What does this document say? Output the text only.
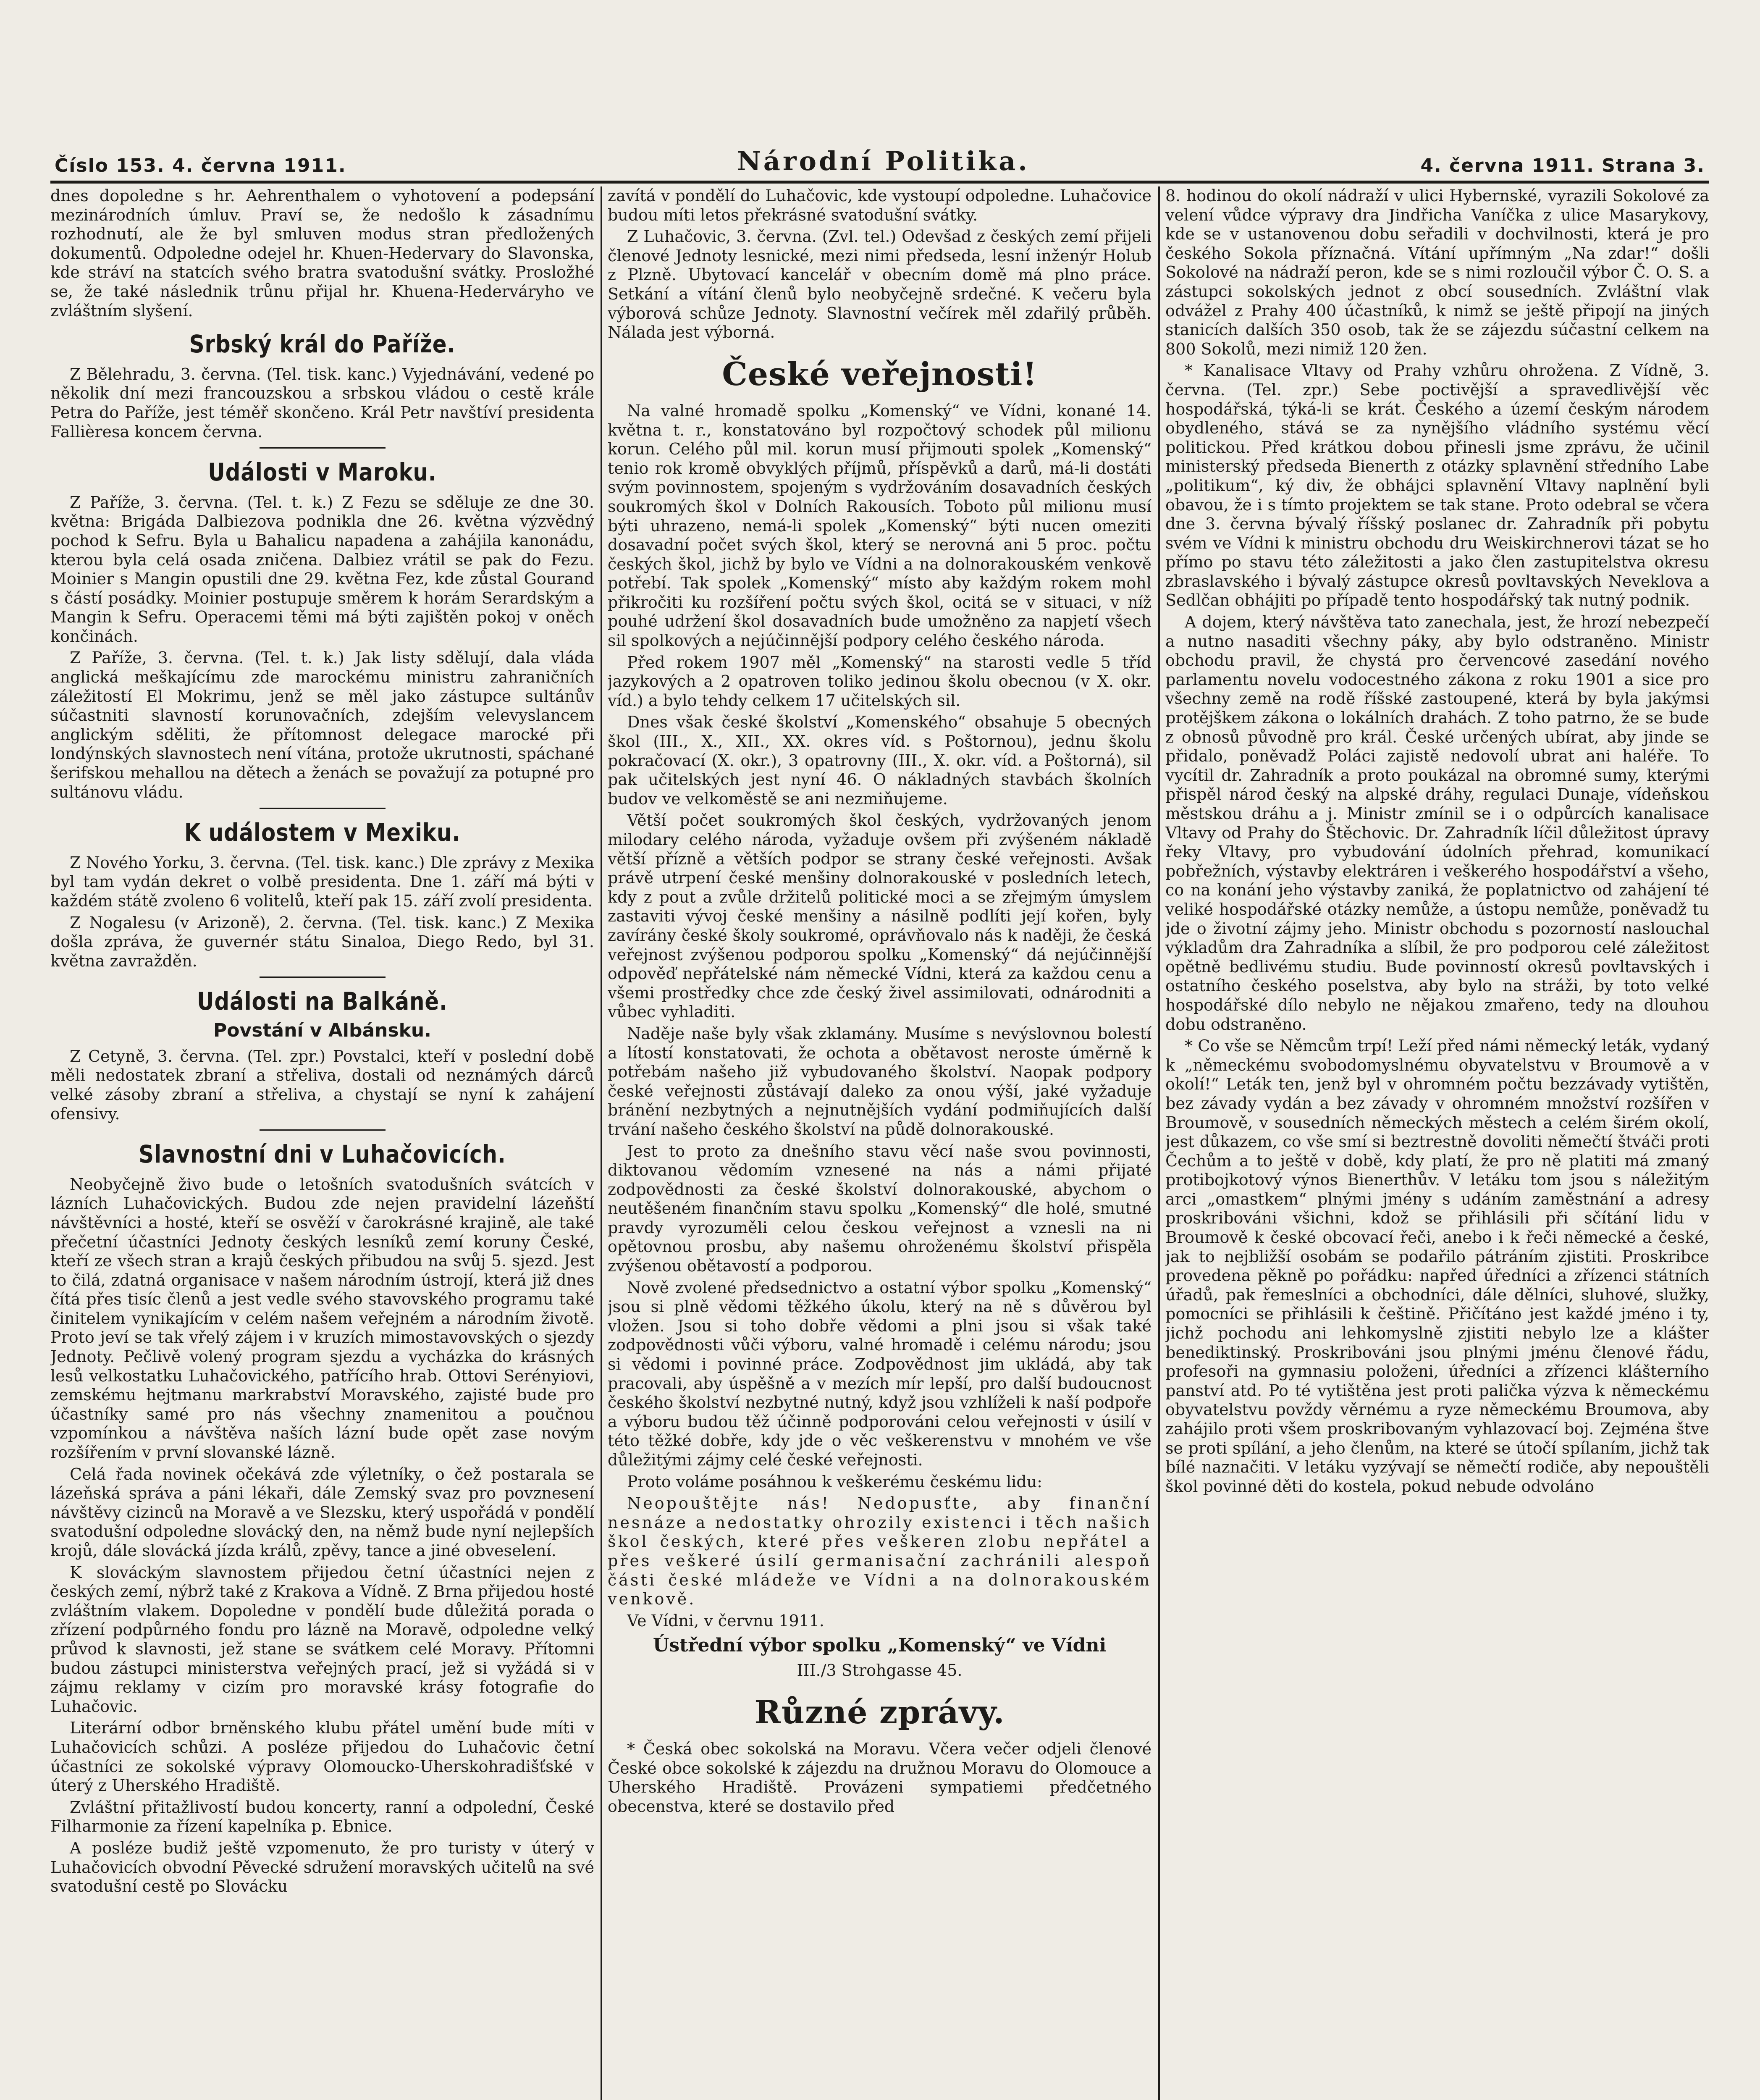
Číslo 153. 4. června 1911.	Národní Politika.	4. června 1911. Strana 3.

dnes dopoledne s hr. Aehrenthalem o vyhotovení a podepsání mezinárodních úmluv. Praví se, že nedošlo k zásadnímu rozhodnutí, ale že byl smluven modus stran předložených dokumentů. Odpoledne odejel hr. Khuen-Hedervary do Slavonska, kde stráví na statcích svého bratra svatodušní svátky. Prosložhé se, že také následnik trůnu přijal hr. Khuena-Hederváryho ve zvláštním slyšení.

Srbský král do Paříže.

Z Bělehradu, 3. června. (Tel. tisk. kanc.) Vyjednávání, vedené po několik dní mezi francouzskou a srbskou vládou o cestě krále Petra do Paříže, jest téměř skončeno. Král Petr navštíví presidenta Fallièresa koncem června.

Události v Maroku.

Z Paříže, 3. června. (Tel. t. k.) Z Fezu se sděluje ze dne 30. května: Brigáda Dalbiezova podnikla dne 26. května výzvědný pochod k Sefru. Byla u Bahalicu napadena a zahájila kanonádu, kterou byla celá osada zničena. Dalbiez vrátil se pak do Fezu. Moinier s Mangin opustili dne 29. května Fez, kde zůstal Gourand s částí posádky. Moinier postupuje směrem k horám Serardským a Mangin k Sefru. Operacemi těmi má býti zajištěn pokoj v oněch končinách.

Z Paříže, 3. června. (Tel. t. k.) Jak listy sdělují, dala vláda anglická meškajícímu zde marockému ministru zahraničních záležitostí El Mokrimu, jenž se měl jako zástupce sultánův súčastniti slavností korunovačních, zdejším velevyslancem anglickým sděliti, že přítomnost delegace marocké při londýnských slavnostech není vítána, protože ukrutnosti, spáchané šerifskou mehallou na dětech a ženách se považují za potupné pro sultánovu vládu.

K událostem v Mexiku.

Z Nového Yorku, 3. června. (Tel. tisk. kanc.) Dle zprávy z Mexika byl tam vydán dekret o volbě presidenta. Dne 1. září má býti v každém státě zvoleno 6 volitelů, kteří pak 15. září zvolí presidenta.

Z Nogalesu (v Arizoně), 2. června. (Tel. tisk. kanc.) Z Mexika došla zpráva, že guvernér státu Sinaloa, Diego Redo, byl 31. května zavražděn.

Události na Balkáně.
Povstání v Albánsku.

Z Cetyně, 3. června. (Tel. zpr.) Povstalci, kteří v poslední době měli nedostatek zbraní a střeliva, dostali od neznámých dárců velké zásoby zbraní a střeliva, a chystají se nyní k zahájení ofensivy.

Slavnostní dni v Luhačovicích.

Neobyčejně živo bude o letošních svatodušních svátcích v lázních Luhačovických. Budou zde nejen pravidelní lázeňští návštěvníci a hosté, kteří se osvěží v čarokrásné krajině, ale také přečetní účastníci Jednoty českých lesníků zemí koruny České, kteří ze všech stran a krajů českých přibudou na svůj 5. sjezd. Jest to čilá, zdatná organisace v našem národním ústrojí, která již dnes čítá přes tisíc členů a jest vedle svého stavovského programu také činitelem vynikajícím v celém našem veřejném a národním životě. Proto jeví se tak vřelý zájem i v kruzích mimostavovských o sjezdy Jednoty. Pečlivě volený program sjezdu a vycházka do krásných lesů velkostatku Luhačovického, patřícího hrab. Ottovi Serényiovi, zemskému hejtmanu markrabství Moravského, zajisté bude pro účastníky samé pro nás všechny znamenitou a poučnou vzpomínkou a návštěva naších lázní bude opět zase novým rozšířením v první slovanské lázně.

Celá řada novinek očekává zde výletníky, o čež postarala se lázeňská správa a páni lékaři, dále Zemský svaz pro povznesení návštěvy cizinců na Moravě a ve Slezsku, který uspořádá v pondělí svatodušní odpoledne slovácký den, na němž bude nyní nejlepších krojů, dále slovácká jízda králů, zpěvy, tance a jiné obveselení.

K slováckým slavnostem přijedou četní účastníci nejen z českých zemí, nýbrž také z Krakova a Vídně. Z Brna přijedou hosté zvláštním vlakem. Dopoledne v pondělí bude důležitá porada o zřízení podpůrného fondu pro lázně na Moravě, odpoledne velký průvod k slavnosti, jež stane se svátkem celé Moravy. Přítomni budou zástupci ministerstva veřejných prací, jež si vyžádá si v zájmu reklamy v cizím pro moravské krásy fotografie do Luhačovic.

Literární odbor brněnského klubu přátel umění bude míti v Luhačovicích schůzi. A posléze přijedou do Luhačovic četní účastníci ze sokolské výpravy Olomoucko-Uherskohradišťské v úterý z Uherského Hradiště.

Zvláštní přitažlivostí budou koncerty, ranní a odpolední, České Filharmonie za řízení kapelníka p. Ebnice.

A posléze budiž ještě vzpomenuto, že pro turisty v úterý v Luhačovicích obvodní Pěvecké sdružení moravských učitelů na své svatodušní cestě po Slovácku

zavítá v pondělí do Luhačovic, kde vystoupí odpoledne. Luhačovice budou míti letos překrásné svatodušní svátky.

Z Luhačovic, 3. června. (Zvl. tel.) Odevšad z českých zemí přijeli členové Jednoty lesnické, mezi nimi předseda, lesní inženýr Holub z Plzně. Ubytovací kancelář v obecním domě má plno práce. Setkání a vítání členů bylo neobyčejně srdečné. K večeru byla výborová schůze Jednoty. Slavnostní večírek měl zdařilý průběh. Nálada jest výborná.

České veřejnosti!

Na valné hromadě spolku „Komenský“ ve Vídni, konané 14. května t. r., konstatováno byl rozpočtový schodek půl milionu korun. Celého půl mil. korun musí přijmouti spolek „Komenský“ tenio rok kromě obvyklých příjmů, příspěvků a darů, má-li dostáti svým povinnostem, spojeným s vydržováním dosavadních českých soukromých škol v Dolních Rakousích. Toboto půl milionu musí býti uhrazeno, nemá-li spolek „Komenský“ býti nucen omeziti dosavadní počet svých škol, který se nerovná ani 5 proc. počtu českých škol, jichž by bylo ve Vídni a na dolnorakouském venkově potřebí. Tak spolek „Komenský“ místo aby každým rokem mohl přikročiti ku rozšíření počtu svých škol, ocitá se v situaci, v níž pouhé udržení škol dosavadních bude umožněno za napjetí všech sil spolkových a nejúčinnější podpory celého českého národa.

Před rokem 1907 měl „Komenský“ na starosti vedle 5 tříd jazykových a 2 opatroven toliko jedinou školu obecnou (v X. okr. víd.) a bylo tehdy celkem 17 učitelských sil.

Dnes však české školství „Komenského“ obsahuje 5 obecných škol (III., X., XII., XX. okres víd. s Poštornou), jednu školu pokračovací (X. okr.), 3 opatrovny (III., X. okr. víd. a Poštorná), sil pak učitelských jest nyní 46. O nákladných stavbách školních budov ve velkoměstě se ani nezmiňujeme.

Větší počet soukromých škol českých, vydržovaných jenom milodary celého národa, vyžaduje ovšem při zvýšeném nákladě větší přízně a větších podpor se strany české veřejnosti. Avšak právě utrpení české menšiny dolnorakouské v posledních letech, kdy z pout a zvůle držitelů politické moci a se zřejmým úmyslem zastaviti vývoj české menšiny a násilně podlíti její kořen, byly zavírány české školy soukromé, oprávňovalo nás k naději, že česká veřejnost zvýšenou podporou spolku „Komenský“ dá nejúčinnější odpověď nepřátelské nám německé Vídni, která za každou cenu a všemi prostředky chce zde český živel assimilovati, odnárodniti a vůbec vyhladiti.

Naděje naše byly však zklamány. Musíme s nevýslovnou bolestí a lítostí konstatovati, že ochota a obětavost neroste úměrně k potřebám našeho již vybudovaného školství. Naopak podpory české veřejnosti zůstávají daleko za onou výší, jaké vyžaduje bránění nezbytných a nejnutnějších vydání podmiňujících další trvání našeho českého školství na půdě dolnorakouské.

Jest to proto za dnešního stavu věcí naše svou povinnosti, diktovanou vědomím vznesené na nás a námi přijaté zodpovědnosti za české školství dolnorakouské, abychom o neutěšeném finančním stavu spolku „Komenský“ dle holé, smutné pravdy vyrozuměli celou českou veřejnost a vznesli na ni opětovnou prosbu, aby našemu ohroženému školství přispěla zvýšenou obětavostí a podporou.

Nově zvolené předsednictvo a ostatní výbor spolku „Komenský“ jsou si plně vědomi těžkého úkolu, který na ně s důvěrou byl vložen. Jsou si toho dobře vědomi a plni jsou si však také zodpovědnosti vůči výboru, valné hromadě i celému národu; jsou si vědomi i povinné práce. Zodpovědnost jim ukládá, aby tak pracovali, aby úspěšně a v mezích mír lepší, pro další budoucnost českého školství nezbytné nutný, když jsou vzhlíželi k naší podpoře a výboru budou těž účinně podporováni celou veřejnosti v úsilí v této těžké dobře, kdy jde o věc veškerenstvu v mnohém ve vše důležitými zájmy celé české veřejnosti.

Proto voláme posáhnou k veškerému českému lidu:

Neopouštějte nás! Nedopusťte, aby finanční nesnáze a nedostatky ohrozily existenci i těch našich škol českých, které přes veškeren zlobu nepřátel a přes veškeré úsilí germanisační zachránili alespoň části české mládeže ve Vídni a na dolnorakouském venkově.

Ve Vídni, v červnu 1911.

Ústřední výbor spolku „Komenský“ ve Vídni
III./3 Strohgasse 45.
Různé zprávy.

* Česká obec sokolská na Moravu. Včera večer odjeli členové České obce sokolské k zájezdu na družnou Moravu do Olomouce a Uherského Hradiště. Provázeni sympatiemi předčetného obecenstva, které se dostavilo před

8. hodinou do okolí nádraží v ulici Hybernské, vyrazili Sokolové za velení vůdce výpravy dra Jindřicha Vaníčka z ulice Masarykovy, kde se v ustanovenou dobu seřadili v dochvilnosti, která je pro českého Sokola příznačná. Vítání upřímným „Na zdar!“ došli Sokolové na nádraží peron, kde se s nimi rozloučil výbor Č. O. S. a zástupci sokolských jednot z obcí sousedních. Zvláštní vlak odvážel z Prahy 400 účastníků, k nimž se ještě připojí na jiných stanicích dalších 350 osob, tak že se zájezdu súčastní celkem na 800 Sokolů, mezi nimiž 120 žen.

* Kanalisace Vltavy od Prahy vzhůru ohrožena. Z Vídně, 3. června. (Tel. zpr.) Sebe poctivější a spravedlivější věc hospodářská, týká-li se krát. Českého a území českým národem obydleného, stává se za nynějšího vládního systému věcí politickou. Před krátkou dobou přinesli jsme zprávu, že učinil ministerský předseda Bienerth z otázky splavnění středního Labe „politikum“, ký div, že obhájci splavnění Vltavy naplnění byli obavou, že i s tímto projektem se tak stane. Proto odebral se včera dne 3. června bývalý říšský poslanec dr. Zahradník při pobytu svém ve Vídni k ministru obchodu dru Weiskirchnerovi tázat se ho přímo po stavu této záležitosti a jako člen zastupitelstva okresu zbraslavského i bývalý zástupce okresů povltavských Neveklova a Sedlčan obhájiti po případě tento hospodářský tak nutný podnik.

A dojem, který návštěva tato zanechala, jest, že hrozí nebezpečí a nutno nasaditi všechny páky, aby bylo odstraněno. Ministr obchodu pravil, že chystá pro červencové zasedání nového parlamentu novelu vodocestného zákona z roku 1901 a sice pro všechny země na rodě říšské zastoupené, která by byla jakýmsi protějškem zákona o lokálních drahách. Z toho patrno, že se bude z obnosů původně pro král. České určených ubírat, aby jinde se přidalo, poněvadž Poláci zajistě nedovolí ubrat ani haléře. To vycítil dr. Zahradník a proto poukázal na obromné sumy, kterými přispěl národ český na alpské dráhy, regulaci Dunaje, vídeňskou městskou dráhu a j. Ministr zmínil se i o odpůrcích kanalisace Vltavy od Prahy do Štěchovic. Dr. Zahradník líčil důležitost úpravy řeky Vltavy, pro vybudování údolních přehrad, komunikací pobřežních, výstavby elektráren i veškerého hospodářství a všeho, co na konání jeho výstavby zaniká, že poplatnictvo od zahájení té veliké hospodářské otázky nemůže, a ústopu nemůže, poněvadž tu jde o životní zájmy jeho. Ministr obchodu s pozorností naslouchal výkladům dra Zahradníka a slíbil, že pro podporou celé záležitost opětně bedlivému studiu. Bude povinností okresů povltavských i ostatního českého poselstva, aby bylo na stráži, by toto velké hospodářské dílo nebylo ne nějakou zmařeno, tedy na dlouhou dobu odstraněno.

* Co vše se Němcům trpí! Leží před námi německý leták, vydaný k „německému svobodomyslnému obyvatelstvu v Broumově a v okolí!“ Leták ten, jenž byl v ohromném počtu bezzávady vytištěn, bez závady vydán a bez závady v ohromném množství rozšířen v Broumově, v sousedních německých městech a celém širém okolí, jest důkazem, co vše smí si beztrestně dovoliti němečtí štváči proti Čechům a to ještě v době, kdy platí, že pro ně platiti má zmaný protibojkotový výnos Bienerthův. V letáku tom jsou s náležitým arci „omastkem“ plnými jmény s udáním zaměstnání a adresy proskribováni všichni, kdož se přihlásili při sčítání lidu v Broumově k české obcovací řeči, anebo i k řeči německé a české, jak to nejbližší osobám se podařilo pátráním zjistiti. Proskribce provedena pěkně po pořádku: napřed úředníci a zřízenci státních úřadů, pak řemeslníci a obchodníci, dále dělníci, sluhové, služky, pomocníci se přihlásili k češtině. Přičítáno jest každé jméno i ty, jichž pochodu ani lehkomyslně zjistiti nebylo lze a klášter benediktinský. Proskribováni jsou plnými jménu členové řádu, profesoři na gymnasiu položeni, úředníci a zřízenci klášterního panství atd. Po té vytištěna jest proti palička výzva k německému obyvatelstvu povždy věrnému a ryze německému Broumova, aby zahájilo proti všem proskribovaným vyhlazovací boj. Zejména štve se proti spílání, a jeho členům, na které se útočí spílaním, jichž tak bílé naznačiti. V letáku vyzývají se němečtí rodiče, aby nepouštěli škol povinné děti do kostela, pokud nebude odvoláno
